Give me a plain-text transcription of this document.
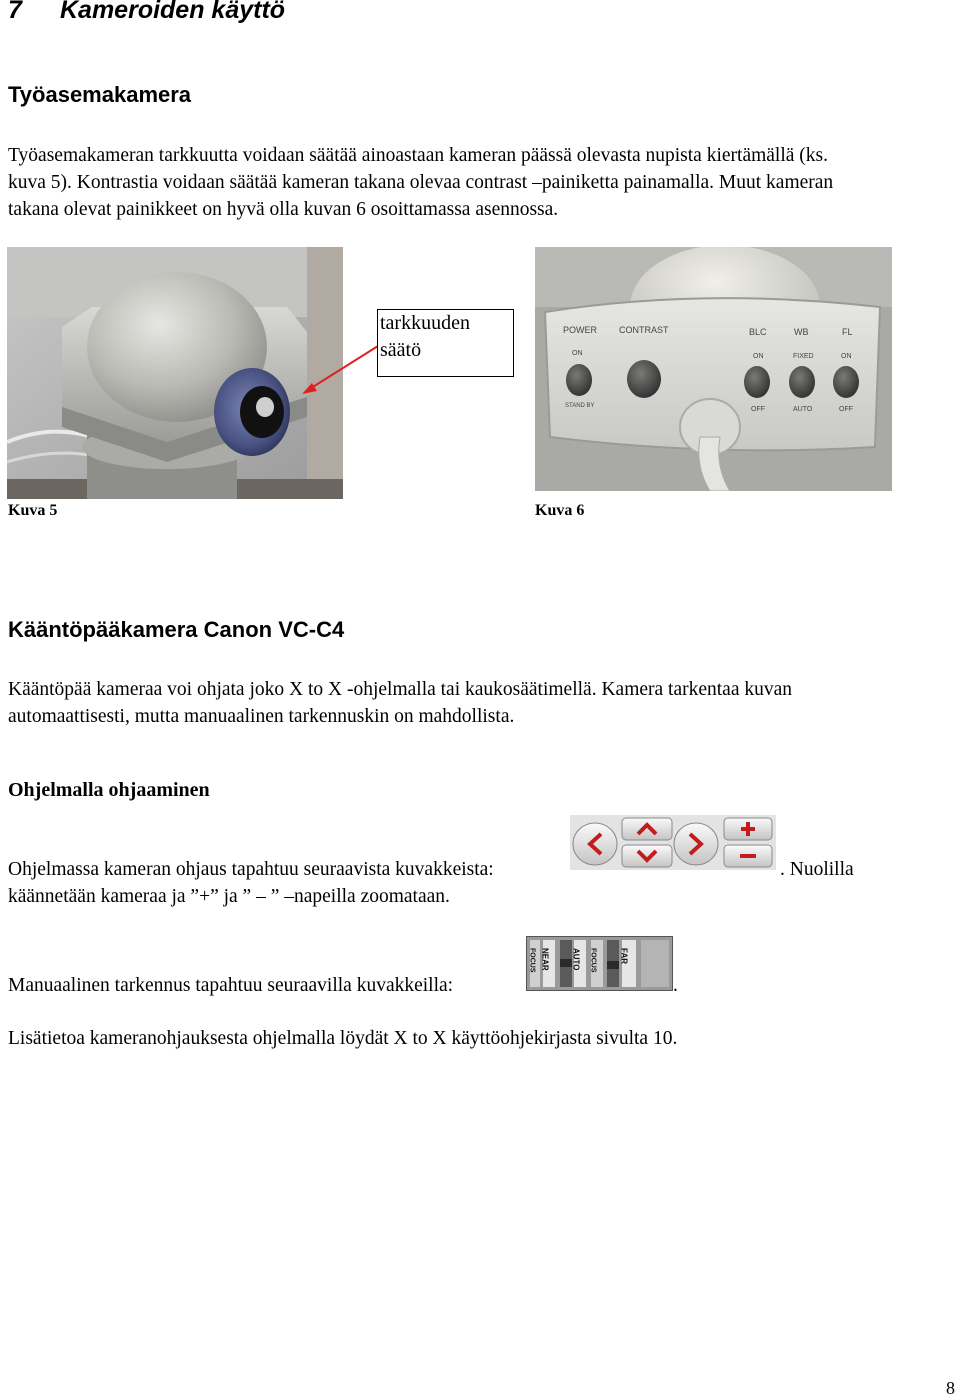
7 Kameroiden käyttö
Työasemakamera
Työasemakameran tarkkuutta voidaan säätää ainoastaan kameran päässä olevasta nupista kiertämällä (ks.
kuva 5). Kontrastia voidaan säätää kameran takana olevaa contrast –painiketta painamalla. Muut kameran
takana olevat painikkeet on hyvä olla kuvan 6 osoittamassa asennossa.
POWER CONTRAST	BLC	WB	FL
ON
STAND BY
ON	FIXED	ON
OFF	AUTO	OFF
tarkkuuden
säätö
Kuva 5	Kuva 6
Kääntöpääkamera Canon VC-C4
Kääntöpää kameraa voi ohjata joko X to X -ohjelmalla tai kaukosäätimellä. Kamera tarkentaa kuvan
automaattisesti, mutta manuaalinen tarkennuskin on mahdollista.
Ohjelmalla ohjaaminen
Ohjelmassa kameran ohjaus tapahtuu seuraavista kuvakkeista:	. Nuolilla
käännetään kameraa ja ”+” ja ” – ” –napeilla zoomataan.
FOCUS NEAR	AUTO FOCUS	FAR
Manuaalinen tarkennus tapahtuu seuraavilla kuvakkeilla:	.
Lisätietoa kameranohjauksesta ohjelmalla löydät X to X käyttöohjekirjasta sivulta 10.
8
